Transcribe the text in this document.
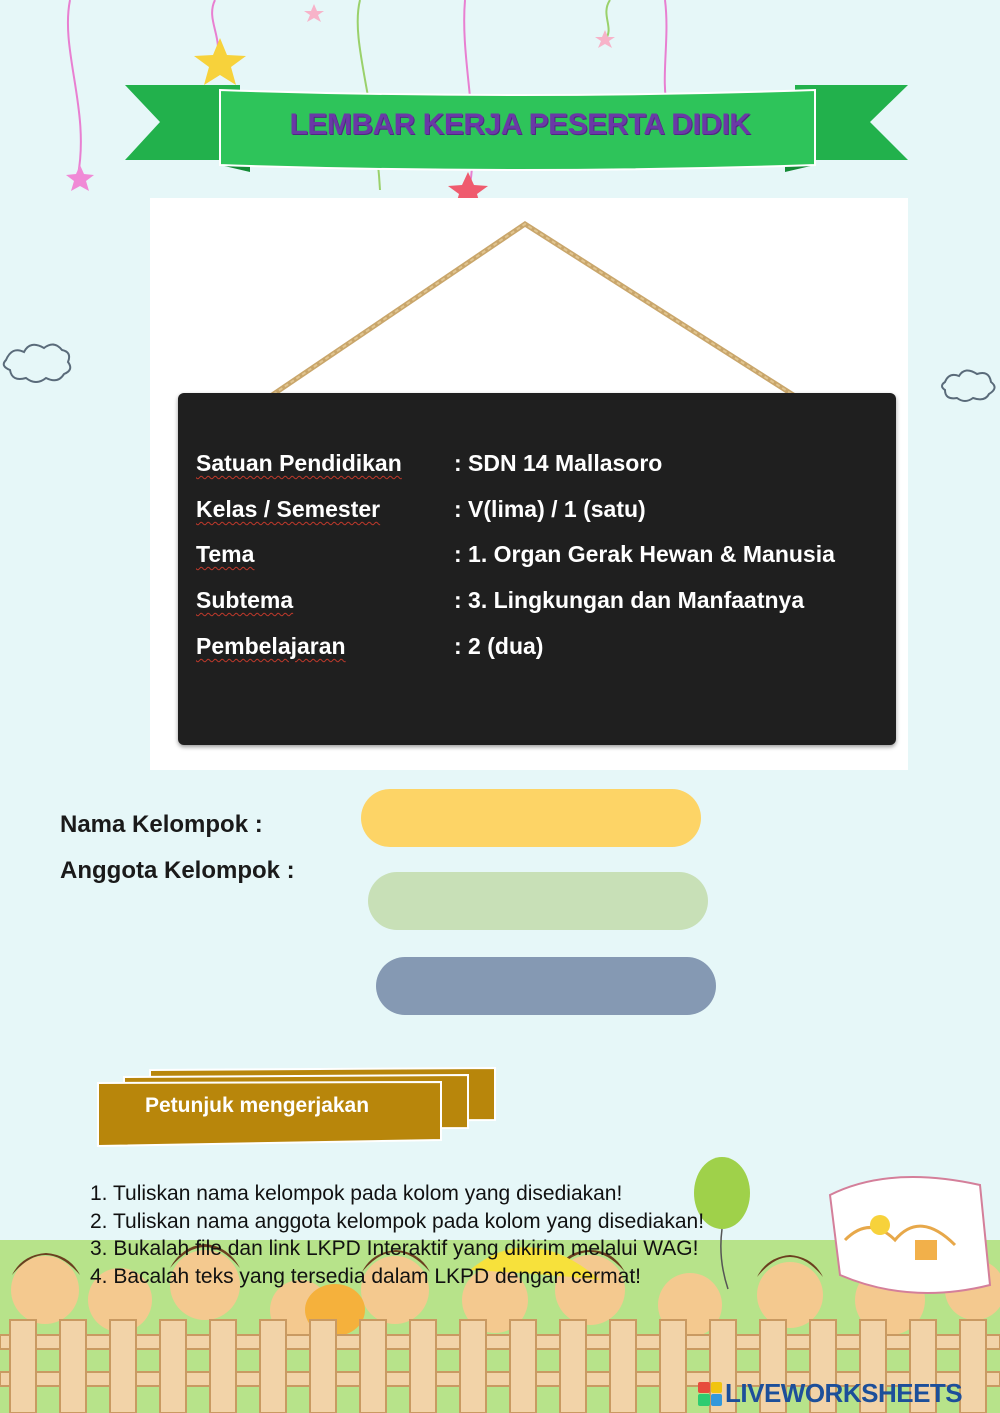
LEMBAR KERJA PESERTA DIDIK
Satuan Pendidikan	: SDN 14 Mallasoro
Kelas / Semester	: V(lima) / 1 (satu)
Tema	: 1. Organ Gerak Hewan & Manusia
Subtema	: 3. Lingkungan dan Manfaatnya
Pembelajaran	: 2 (dua)
Nama Kelompok :
Anggota Kelompok :
Petunjuk mengerjakan
1. Tuliskan nama kelompok pada kolom yang disediakan!
2. Tuliskan nama anggota kelompok pada kolom yang disediakan!
3. Bukalah file dan link LKPD Interaktif yang dikirim melalui WAG!
4. Bacalah teks yang tersedia dalam LKPD dengan cermat!
LIVEWORKSHEETS
